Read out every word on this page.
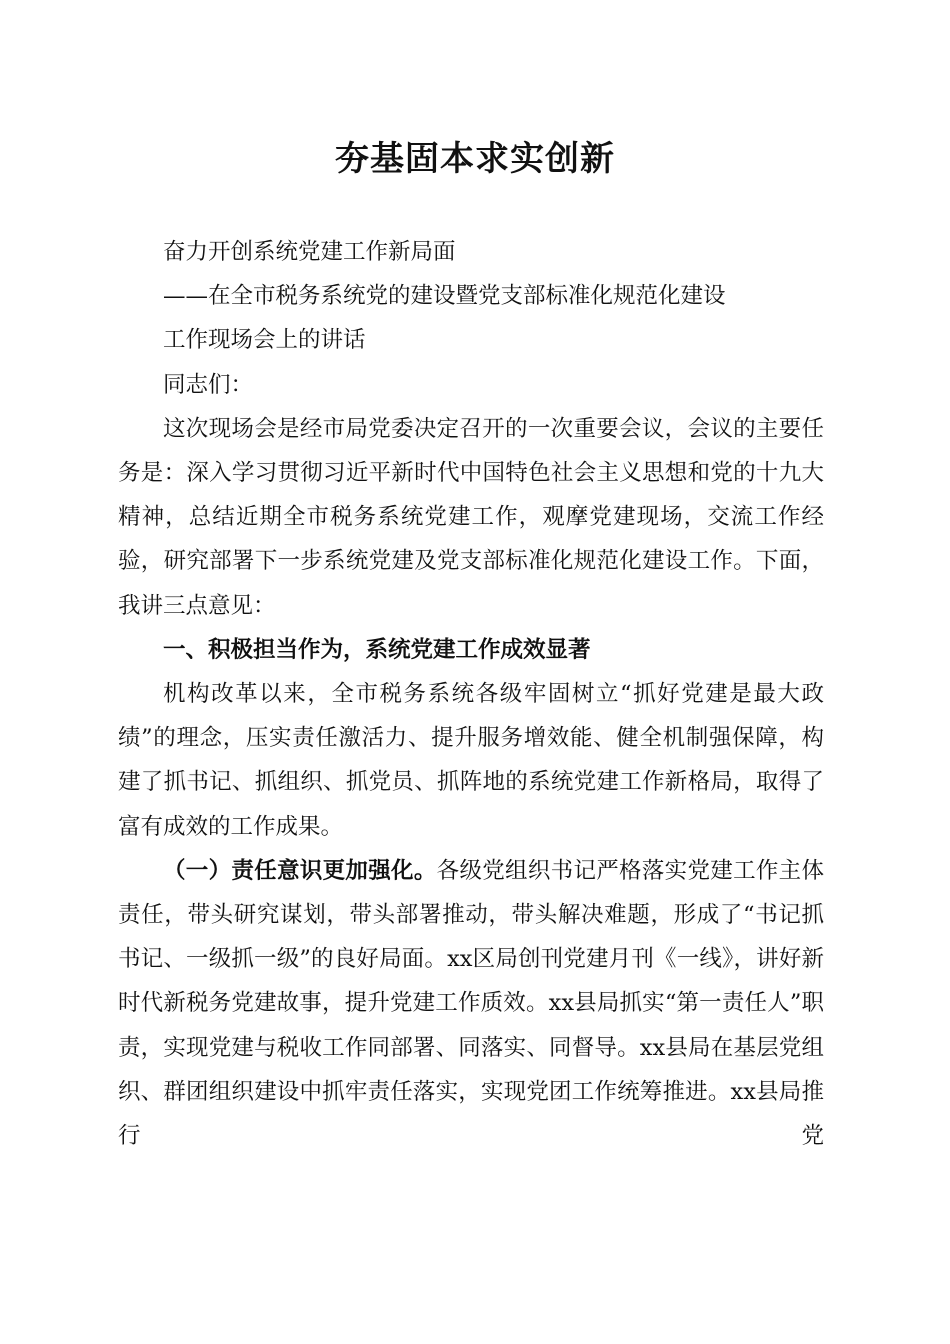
夯基固本求实创新

奋力开创系统党建工作新局面

——在全市税务系统党的建设暨党支部标准化规范化建设

工作现场会上的讲话

同志们：

这次现场会是经市局党委决定召开的一次重要会议，会议的主要任务是：深入学习贯彻习近平新时代中国特色社会主义思想和党的十九大精神，总结近期全市税务系统党建工作，观摩党建现场，交流工作经验，研究部署下一步系统党建及党支部标准化规范化建设工作。下面，我讲三点意见：

一、积极担当作为，系统党建工作成效显著

机构改革以来，全市税务系统各级牢固树立“抓好党建是最大政绩”的理念，压实责任激活力、提升服务增效能、健全机制强保障，构建了抓书记、抓组织、抓党员、抓阵地的系统党建工作新格局，取得了富有成效的工作成果。

（一）责任意识更加强化。各级党组织书记严格落实党建工作主体责任，带头研究谋划，带头部署推动，带头解决难题，形成了“书记抓书记、一级抓一级”的良好局面。xx区局创刊党建月刊《一线》，讲好新时代新税务党建故事，提升党建工作质效。xx县局抓实“第一责任人”职责，实现党建与税收工作同部署、同落实、同督导。xx县局在基层党组织、群团组织建设中抓牢责任落实，实现党团工作统筹推进。xx县局推行党
